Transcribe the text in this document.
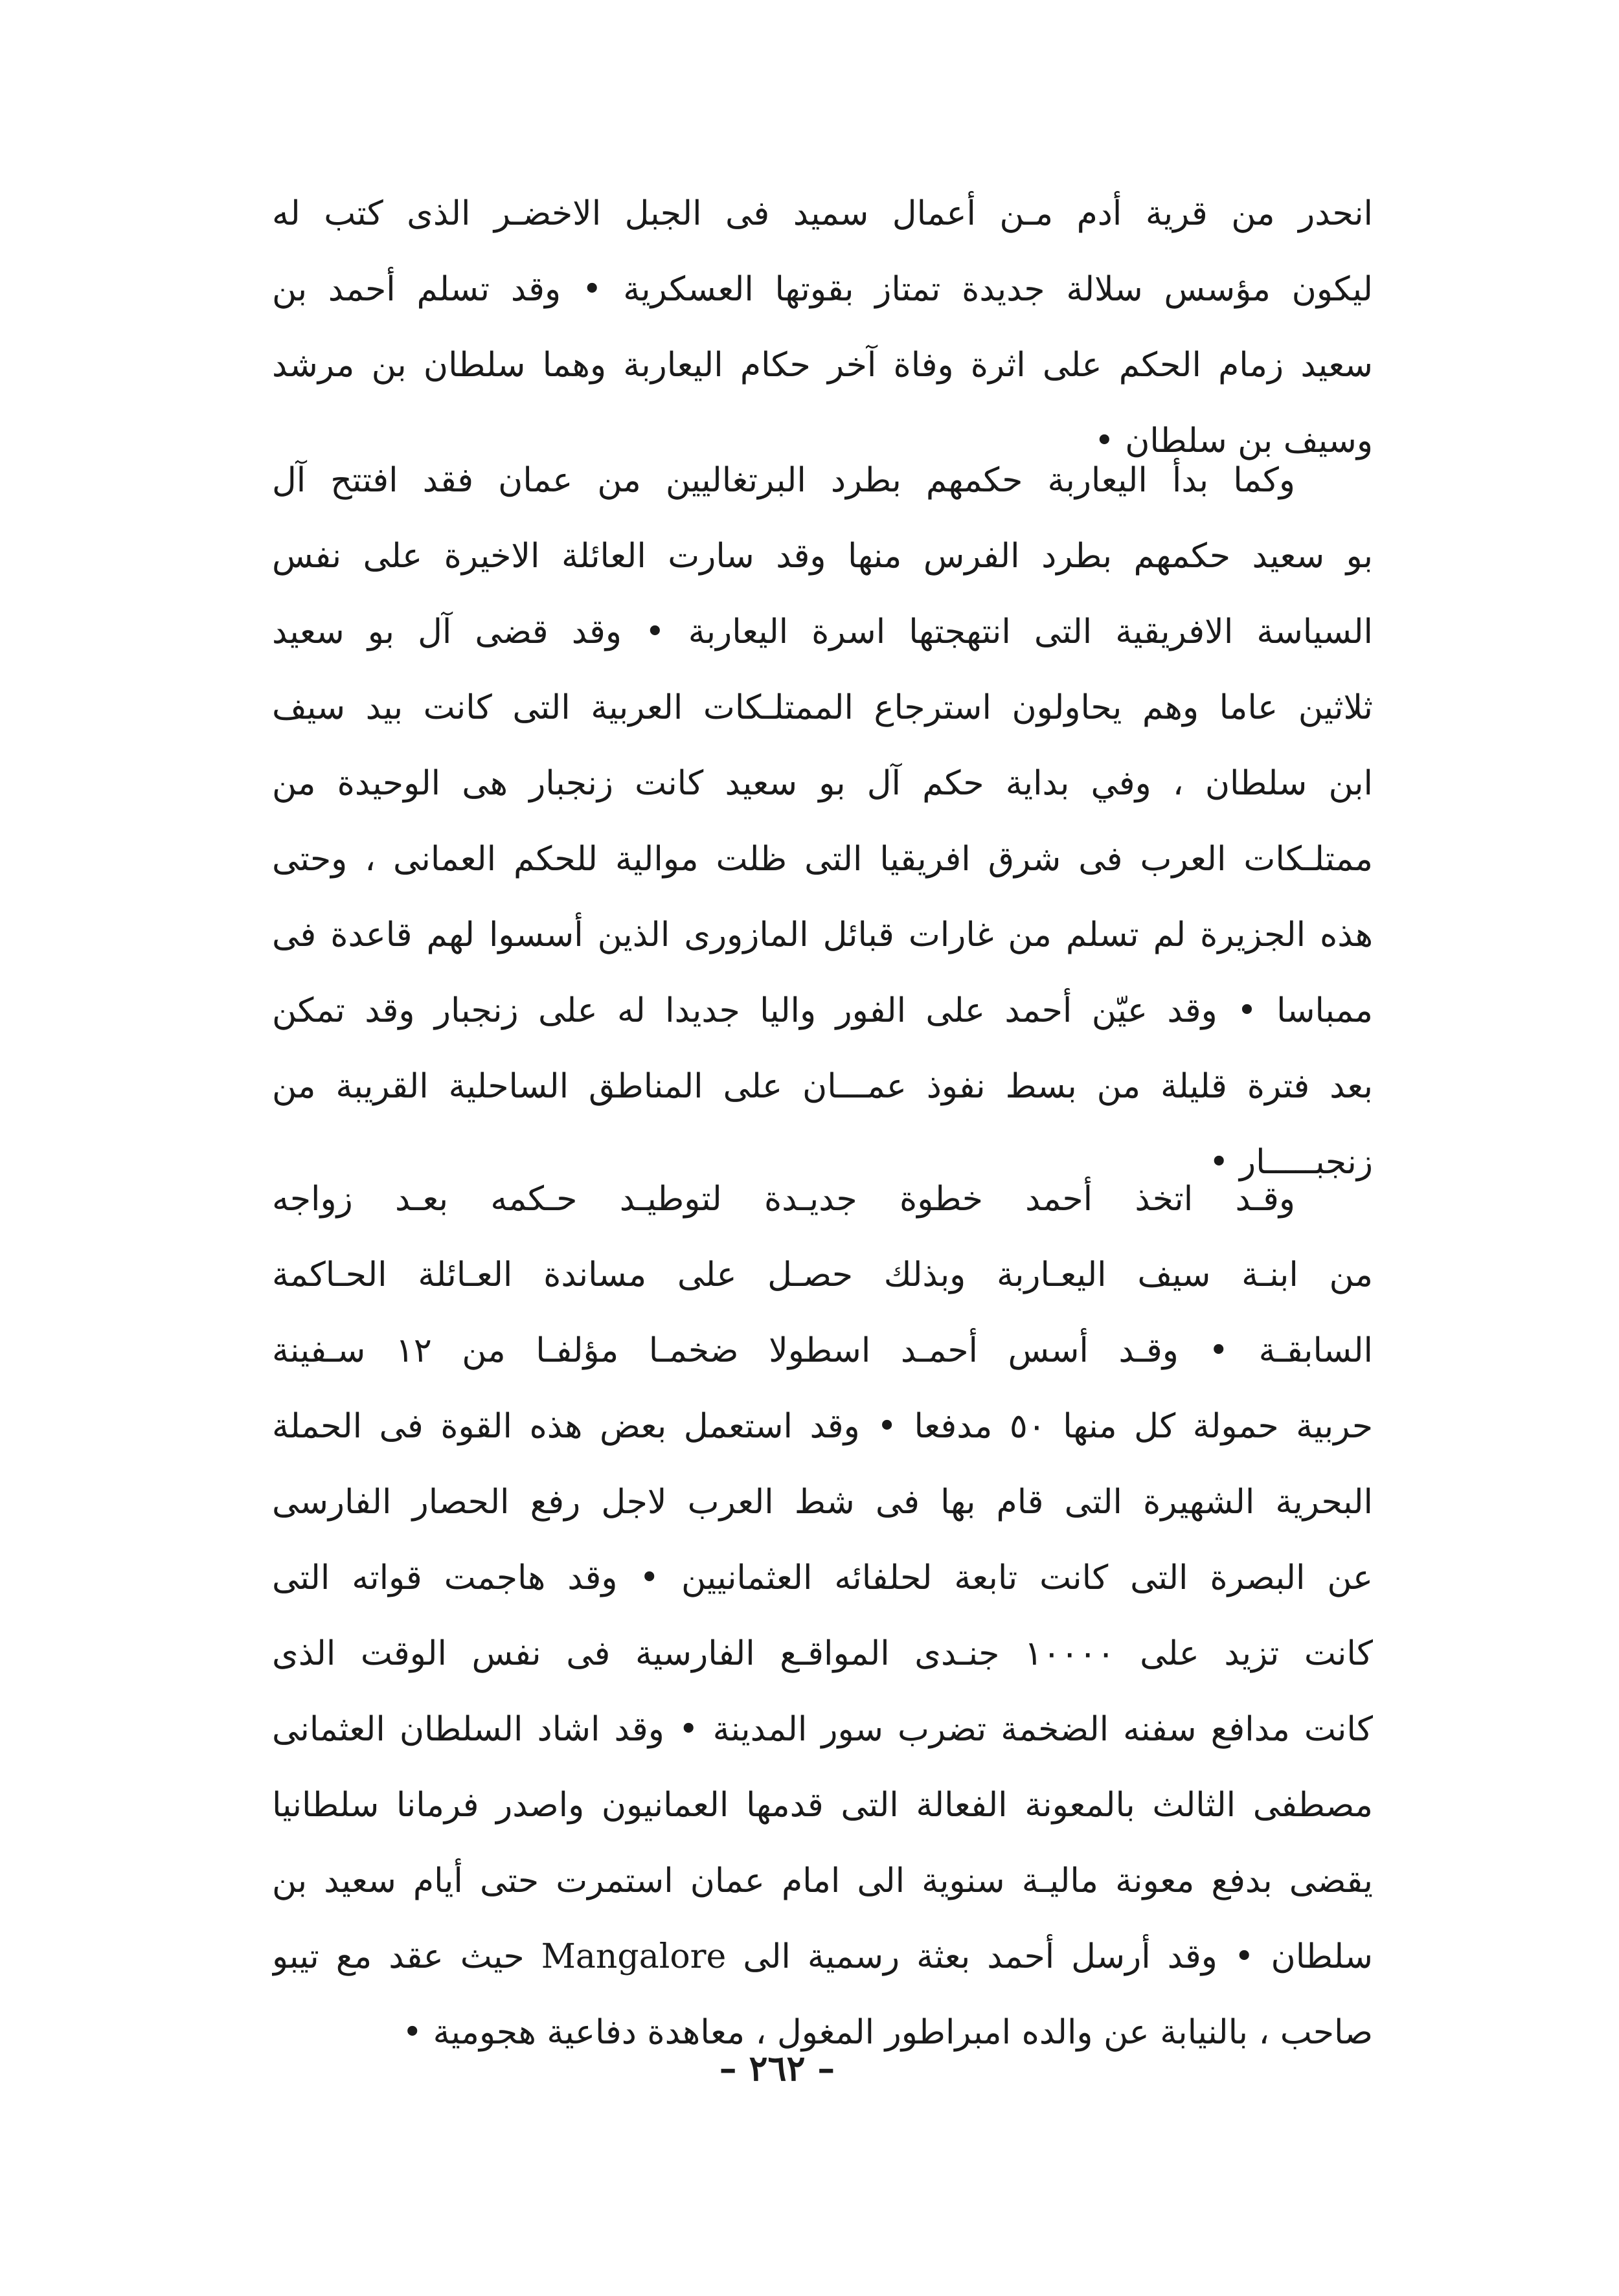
انحدر من قرية أدم مـن أعمال سميد فى الجبل الاخضـر الذى كتب له
ليكون مؤسس سلالة جديدة تمتاز بقوتها العسكرية • وقد تسلم أحمد بن
سعيد زمام الحكم على اثرة وفاة آخر حكام اليعاربة وهما سلطان بن مرشد
وسيف بن سلطان •
وكما بدأ اليعاربة حكمهم بطرد البرتغاليين من عمان فقد افتتح آل
بو سعيد حكمهم بطرد الفرس منها وقد سارت العائلة الاخيرة على نفس
السياسة الافريقية التى انتهجتها اسرة اليعاربة • وقد قضى آل بو سعيد
ثلاثين عاما وهم يحاولون استرجاع الممتلـكات العربية التى كانت بيد سيف
ابن سلطان ، وفي بداية حكم آل بو سعيد كانت زنجبار هى الوحيدة من
ممتلـكات العرب فى شرق افريقيا التى ظلت موالية للحكم العمانى ، وحتى
هذه الجزيرة لم تسلم من غارات قبائل المازورى الذين أسسوا لهم قاعدة فى
ممباسا • وقد عيّن أحمد على الفور واليا جديدا له على زنجبار وقد تمكن
بعد فترة قليلة من بسط نفوذ عمـــان على المناطق الساحلية القريبة من
زنجبـــــار •
وقـد اتخذ أحمد خطوة جديـدة لتوطيـد حـكمه بعـد زواجه
من ابنـة سيف اليعـاربة وبذلك حصـل على مساندة العـائلة الحـاكمة
السابقـة • وقـد أسس أحمـد اسطولا ضخمـا مؤلفـا من ١٢ سـفينة
حربية حمولة كل منها ٥٠ مدفعا • وقد استعمل بعض هذه القوة فى الحملة
البحرية الشهيرة التى قام بها فى شط العرب لاجل رفع الحصار الفارسى
عن البصرة التى كانت تابعة لحلفائه العثمانيين • وقد هاجمت قواته التى
كانت تزيد على ١٠٠٠٠ جنـدى المواقـع الفارسية فى نفس الوقت الذى
كانت مدافع سفنه الضخمة تضرب سور المدينة • وقد اشاد السلطان العثمانى
مصطفى الثالث بالمعونة الفعالة التى قدمها العمانيون واصدر فرمانا سلطانيا
يقضى بدفع معونة ماليـة سنوية الى امام عمان استمرت حتى أيام سعيد بن
سلطان • وقد أرسل أحمد بعثة رسمية الى Mangalore حيث عقد مع تيبو
صاحب ، بالنيابة عن والده امبراطور المغول ، معاهدة دفاعية هجومية •
– ٢٦٢ –
